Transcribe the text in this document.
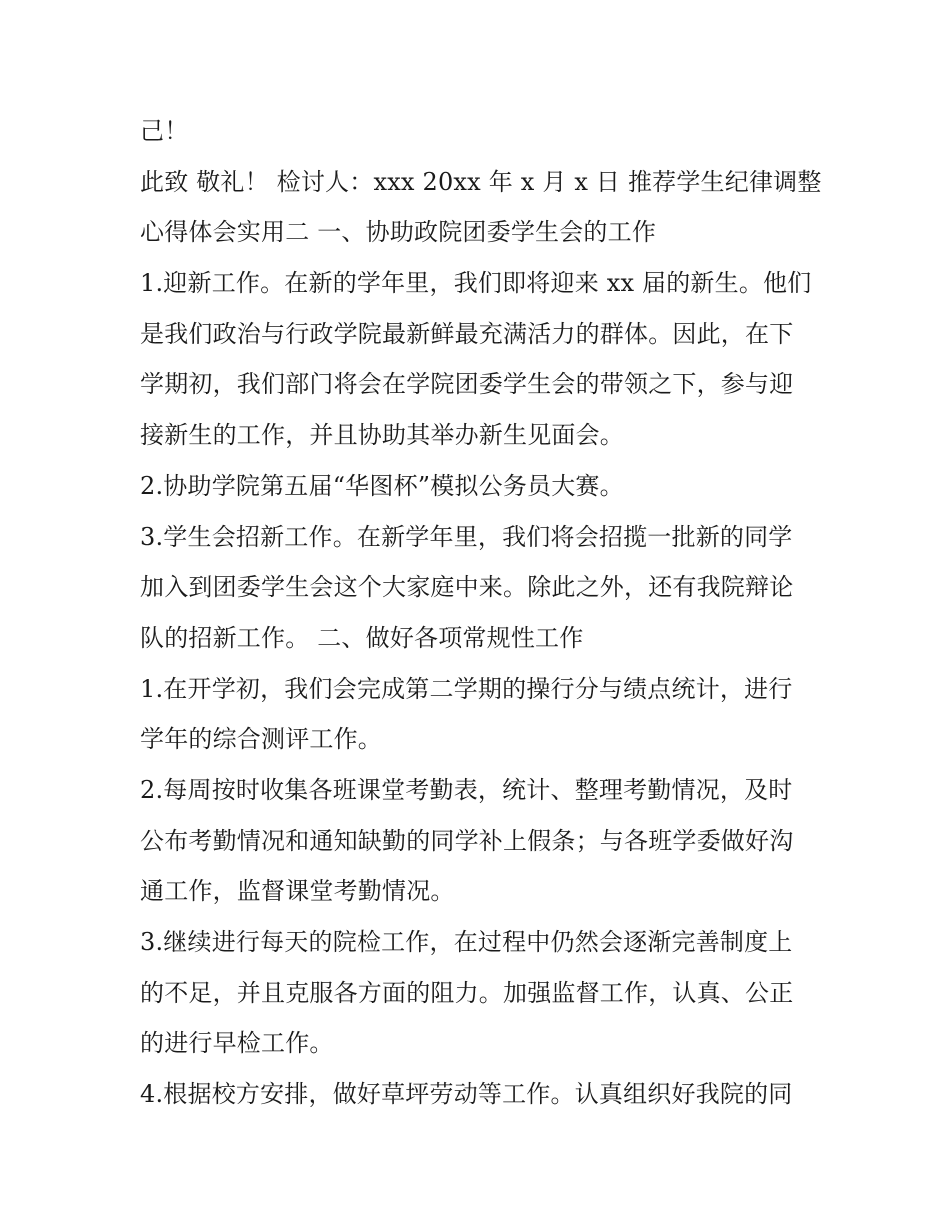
己！
此致 敬礼！ 检讨人：xxx 20xx 年 x 月 x 日 推荐学生纪律调整
心得体会实用二 一、协助政院团委学生会的工作
1.迎新工作。在新的学年里，我们即将迎来 xx 届的新生。他们
是我们政治与行政学院最新鲜最充满活力的群体。因此，在下
学期初，我们部门将会在学院团委学生会的带领之下，参与迎
接新生的工作，并且协助其举办新生见面会。
2.协助学院第五届“华图杯”模拟公务员大赛。
3.学生会招新工作。在新学年里，我们将会招揽一批新的同学
加入到团委学生会这个大家庭中来。除此之外，还有我院辩论
队的招新工作。 二、做好各项常规性工作
1.在开学初，我们会完成第二学期的操行分与绩点统计，进行
学年的综合测评工作。
2.每周按时收集各班课堂考勤表，统计、整理考勤情况，及时
公布考勤情况和通知缺勤的同学补上假条；与各班学委做好沟
通工作，监督课堂考勤情况。
3.继续进行每天的院检工作，在过程中仍然会逐渐完善制度上
的不足，并且克服各方面的阻力。加强监督工作，认真、公正
的进行早检工作。
4.根据校方安排，做好草坪劳动等工作。认真组织好我院的同
